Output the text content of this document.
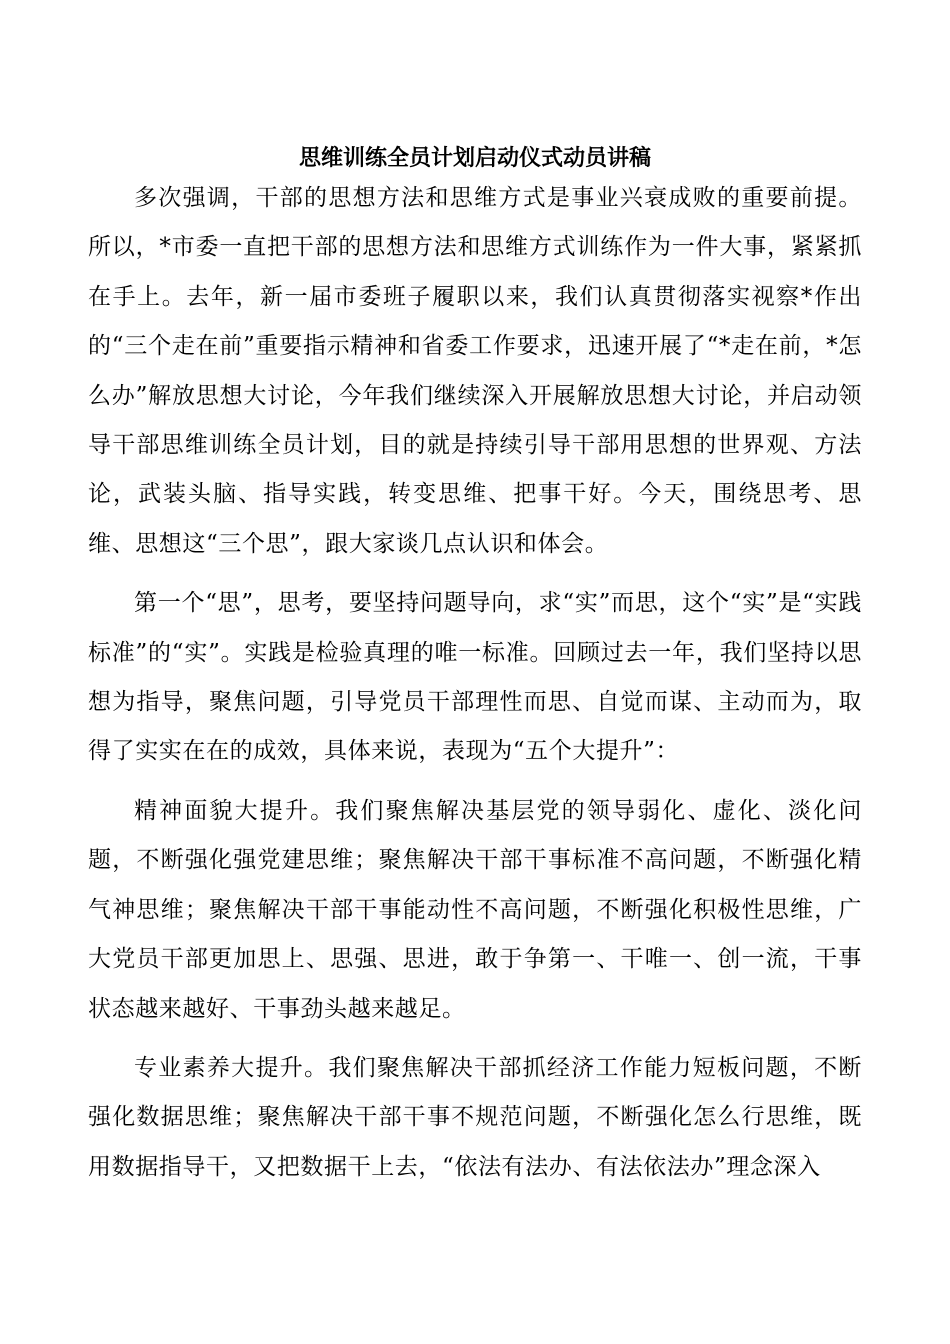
思维训练全员计划启动仪式动员讲稿

多次强调，干部的思想方法和思维方式是事业兴衰成败的重要前提。所以，*市委一直把干部的思想方法和思维方式训练作为一件大事，紧紧抓在手上。去年，新一届市委班子履职以来，我们认真贯彻落实视察*作出的“三个走在前”重要指示精神和省委工作要求，迅速开展了“*走在前，*怎么办”解放思想大讨论，今年我们继续深入开展解放思想大讨论，并启动领导干部思维训练全员计划，目的就是持续引导干部用思想的世界观、方法论，武装头脑、指导实践，转变思维、把事干好。今天，围绕思考、思维、思想这“三个思”，跟大家谈几点认识和体会。

第一个“思”，思考，要坚持问题导向，求“实”而思，这个“实”是“实践标准”的“实”。实践是检验真理的唯一标准。回顾过去一年，我们坚持以思想为指导，聚焦问题，引导党员干部理性而思、自觉而谋、主动而为，取得了实实在在的成效，具体来说，表现为“五个大提升”：

精神面貌大提升。我们聚焦解决基层党的领导弱化、虚化、淡化问题，不断强化强党建思维；聚焦解决干部干事标准不高问题，不断强化精气神思维；聚焦解决干部干事能动性不高问题，不断强化积极性思维，广大党员干部更加思上、思强、思进，敢于争第一、干唯一、创一流，干事状态越来越好、干事劲头越来越足。

专业素养大提升。我们聚焦解决干部抓经济工作能力短板问题，不断强化数据思维；聚焦解决干部干事不规范问题，不断强化怎么行思维，既用数据指导干，又把数据干上去，“依法有法办、有法依法办”理念深入
